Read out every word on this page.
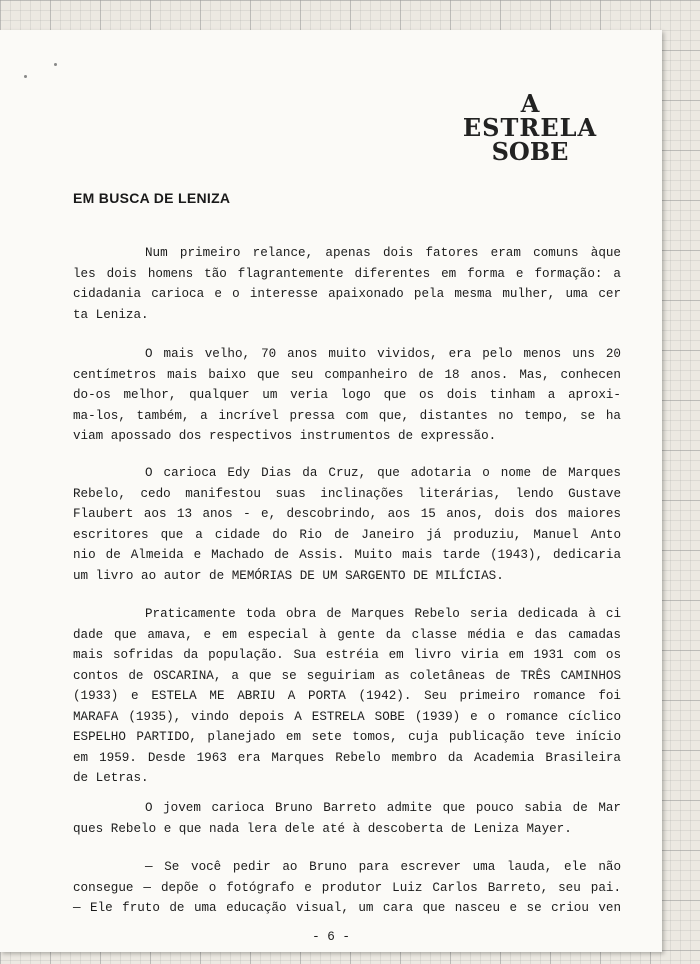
A
ESTRELA
SOBE
EM BUSCA DE LENIZA
Num primeiro relance, apenas dois fatores eram comuns àque
les dois homens tão flagrantemente diferentes em forma e formação: a
cidadania carioca e o interesse apaixonado pela mesma mulher, uma cer
ta Leniza.
O mais velho, 70 anos muito vividos, era pelo menos uns 20
centímetros mais baixo que seu companheiro de 18 anos. Mas, conhecen
do-os melhor, qualquer um veria logo que os dois tinham a aproxi-
ma-los, também, a incrível pressa com que, distantes no tempo, se ha
viam apossado dos respectivos instrumentos de expressão.
O carioca Edy Dias da Cruz, que adotaria o nome de Marques
Rebelo, cedo manifestou suas inclinações literárias, lendo Gustave
Flaubert aos 13 anos - e, descobrindo, aos 15 anos, dois dos maiores
escritores que a cidade do Rio de Janeiro já produziu, Manuel Anto
nio de Almeida e Machado de Assis. Muito mais tarde (1943), dedicaria
um livro ao autor de MEMÓRIAS DE UM SARGENTO DE MILÍCIAS.
Praticamente toda obra de Marques Rebelo seria dedicada à ci
dade que amava, e em especial à gente da classe média e das camadas
mais sofridas da população. Sua estréia em livro viria em 1931 com os
contos de OSCARINA, a que se seguiriam as coletâneas de TRÊS CAMINHOS
(1933) e ESTELA ME ABRIU A PORTA (1942). Seu primeiro romance foi
MARAFA (1935), vindo depois A ESTRELA SOBE (1939) e o romance cíclico
ESPELHO PARTIDO, planejado em sete tomos, cuja publicação teve início
em 1959. Desde 1963 era Marques Rebelo membro da Academia Brasileira
de Letras.
O jovem carioca Bruno Barreto admite que pouco sabia de Mar
ques Rebelo e que nada lera dele até à descoberta de Leniza Mayer.
— Se você pedir ao Bruno para escrever uma lauda, ele não
consegue — depõe o fotógrafo e produtor Luiz Carlos Barreto, seu pai.
— Ele fruto de uma educação visual, um cara que nasceu e se criou ven
- 6 -
